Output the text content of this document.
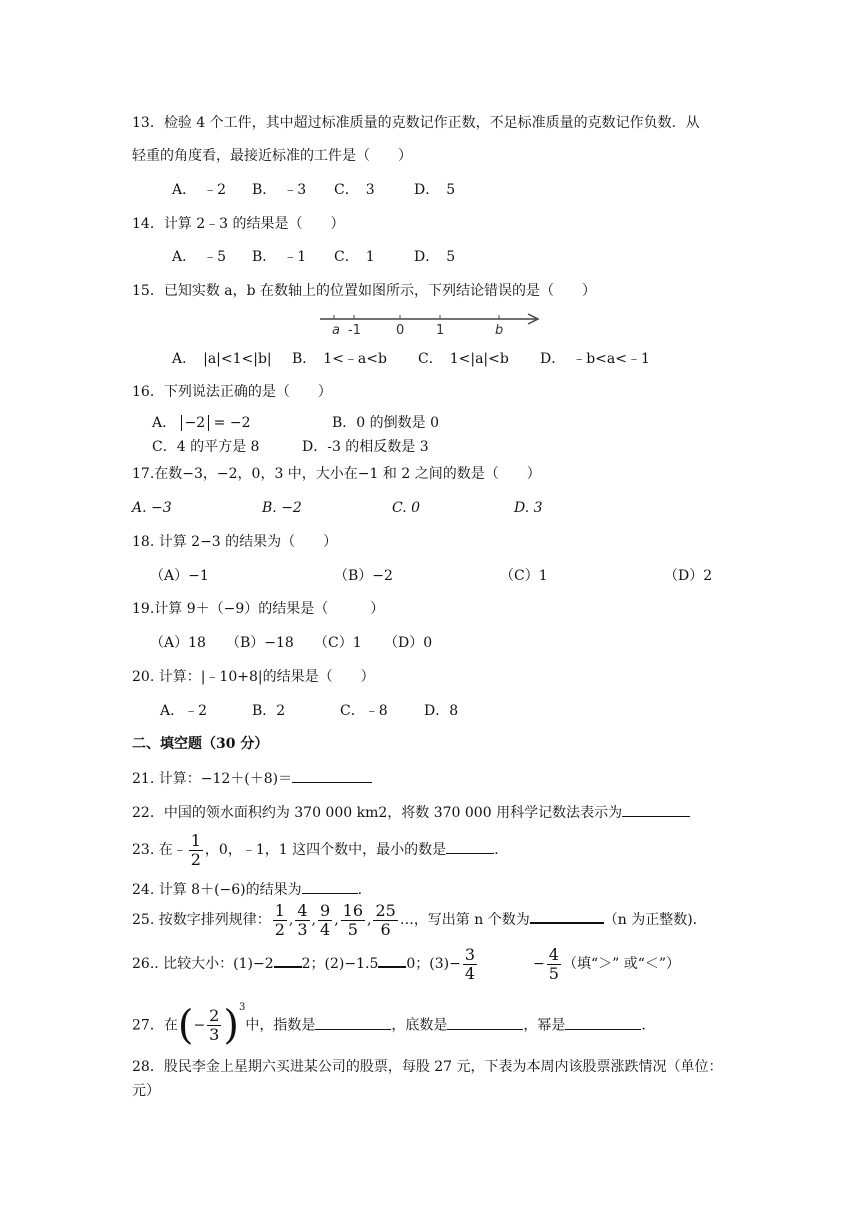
13．检验 4 个工件，其中超过标准质量的克数记作正数，不足标准质量的克数记作负数．从
轻重的角度看，最接近标准的工件是（　　）
A．　﹣2 B．　﹣3 C．　3	D．　5
14．计算 2﹣3 的结果是（　　）
A．　﹣5 B．　﹣1 C．　1	D．　5
15．已知实数 a，b 在数轴上的位置如图所示，下列结论错误的是（　　）
a -1	0 1	b
A．　|a|<1<|b| B．　1<﹣a<b C．　1<|a|<b D．　﹣b<a<﹣1
16．下列说法正确的是（　　）
A． −2 = −2	B．0 的倒数是 0
C．4 的平方是 8	D．-3 的相反数是 3
17.在数−3，−2，0，3 中，大小在−1 和 2 之间的数是（　　）
A. −3	B. −2	C. 0	D. 3
18. 计算 2−3 的结果为（　　）
（A）−1	（B）−2	（C）1	（D）2
19.计算 9＋（−9）的结果是（　　　）
（A）18 （B）−18 （C）1 （D）0
20. 计算：|﹣10+8|的结果是（　　）
A．﹣2	B．2	C．﹣8	D．8
二、填空题（30 分）
21. 计算：−12＋(＋8)＝
22．中国的领水面积约为 370 000 km2，将数 370 000 用科学记数法表示为
23. 在﹣ $\frac{1}{2}$ ，0，﹣1，1 这四个数中，最小的数是	.
24. 计算 8＋(−6)的结果为	.
25. 按数字排列规律： $\frac{1}{2}$ , $\frac{4}{3}$ , $\frac{9}{4}$ , $\frac{16}{5}$ , $\frac{25}{6}$ …，写出第 n 个数为	（n 为正整数).
26.. 比较大小：(1)−2 2；(2)−1.5 0；$(3)- \frac{3}{4}$	− $\frac{4}{5}$ （填“＞” 或“＜”）
27．在(− $\frac{2}{3} )^3$中，指数是	，底数是	，幂是	.
28．股民李金上星期六买进某公司的股票，每股 27 元，下表为本周内该股票涨跌情况（单位：
元）
